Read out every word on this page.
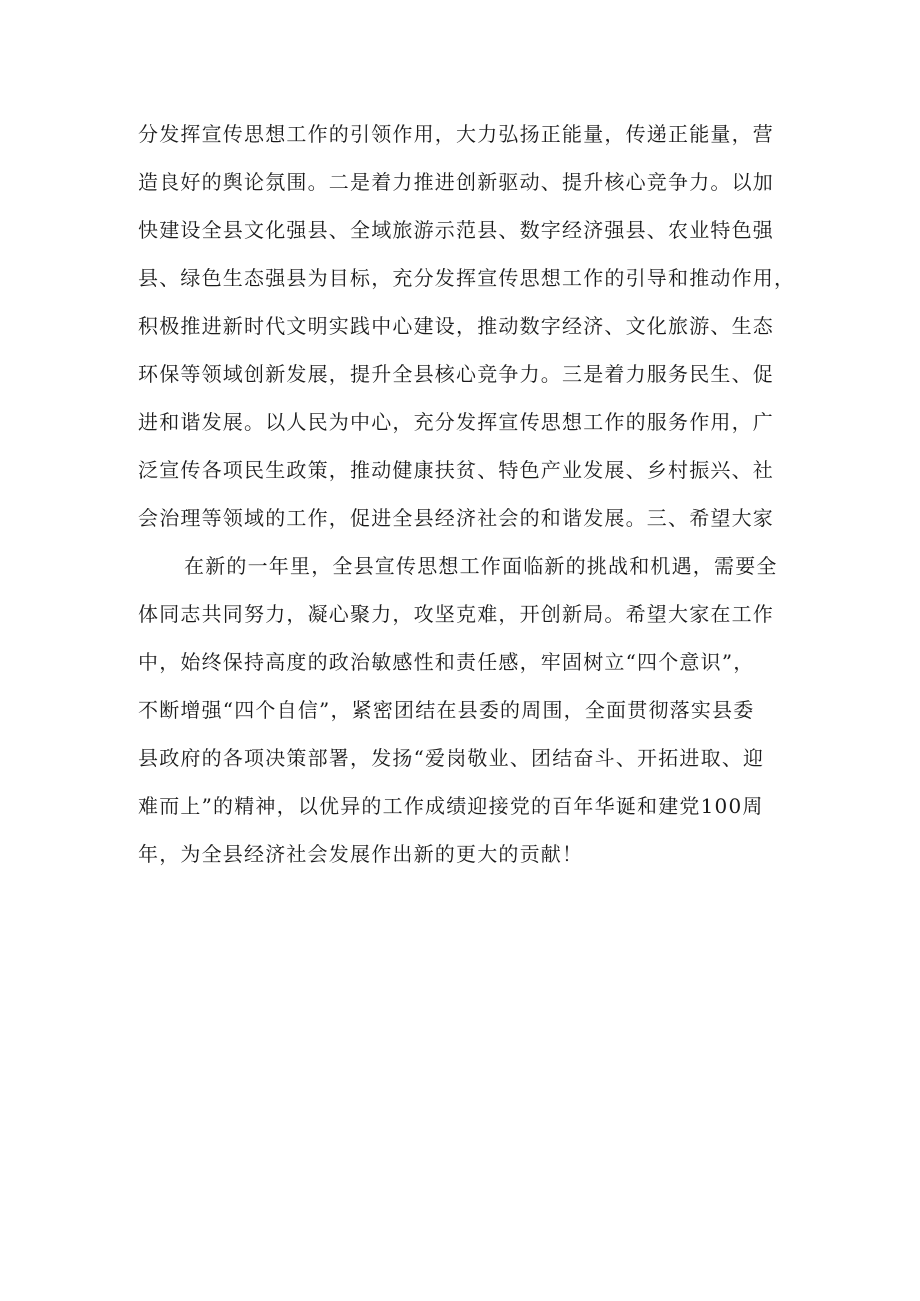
分发挥宣传思想工作的引领作用，大力弘扬正能量，传递正能量，营
造良好的舆论氛围。二是着力推进创新驱动、提升核心竞争力。以加
快建设全县文化强县、全域旅游示范县、数字经济强县、农业特色强
县、绿色生态强县为目标，充分发挥宣传思想工作的引导和推动作用，
积极推进新时代文明实践中心建设，推动数字经济、文化旅游、生态
环保等领域创新发展，提升全县核心竞争力。三是着力服务民生、促
进和谐发展。以人民为中心，充分发挥宣传思想工作的服务作用，广
泛宣传各项民生政策，推动健康扶贫、特色产业发展、乡村振兴、社
会治理等领域的工作，促进全县经济社会的和谐发展。三、希望大家
在新的一年里，全县宣传思想工作面临新的挑战和机遇，需要全
体同志共同努力，凝心聚力，攻坚克难，开创新局。希望大家在工作
中，始终保持高度的政治敏感性和责任感，牢固树立“四个意识”，
不断增强“四个自信”，紧密团结在县委的周围，全面贯彻落实县委
县政府的各项决策部署，发扬“爱岗敬业、团结奋斗、开拓进取、迎
难而上”的精神，以优异的工作成绩迎接党的百年华诞和建党100周
年，为全县经济社会发展作出新的更大的贡献！
